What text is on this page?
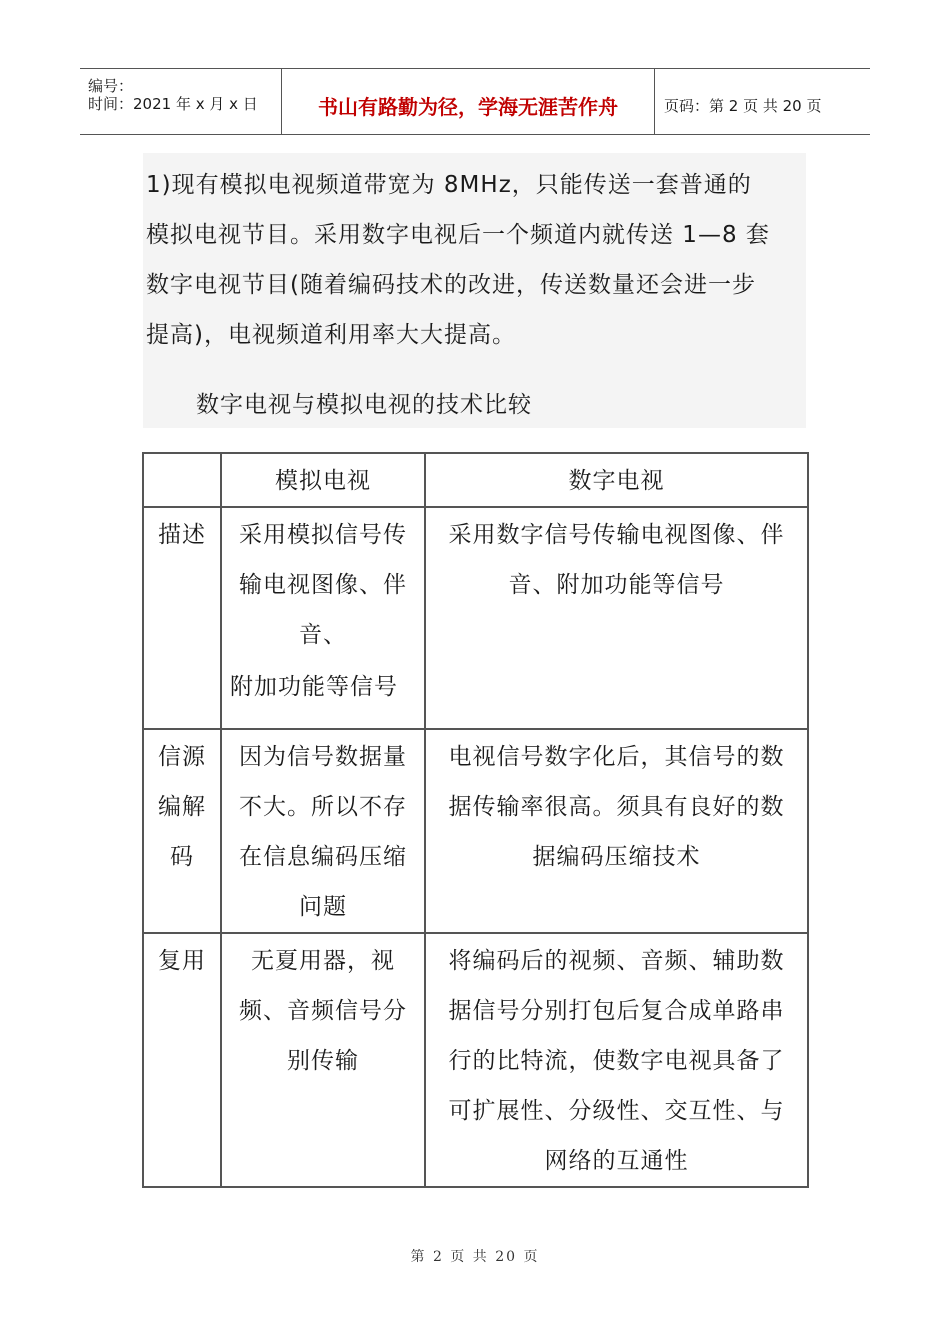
编号：
时间：2021 年 x 月 x 日	书山有路勤为径，学海无涯苦作舟	页码：第 2 页 共 20 页

1)现有模拟电视频道带宽为 8MHz，只能传送一套普通的

模拟电视节目。采用数字电视后一个频道内就传送 1—8 套

数字电视节目(随着编码技术的改进，传送数量还会进一步

提高)，电视频道利用率大大提高。

数字电视与模拟电视的技术比较
	模拟电视	数字电视

描述	采用模拟信号传
输电视图像、伴
音、
附加功能等信号	采用数字信号传输电视图像、伴
音、附加功能等信号

信源
编解
码	因为信号数据量
不大。所以不存
在信息编码压缩
问题	电视信号数字化后，其信号的数
据传输率很高。须具有良好的数
据编码压缩技术

复用	无夏用器，视
频、音频信号分
别传输	将编码后的视频、音频、辅助数
据信号分别打包后复合成单路串
行的比特流，使数字电视具备了
可扩展性、分级性、交互性、与
网络的互通性
第 2 页 共 20 页
